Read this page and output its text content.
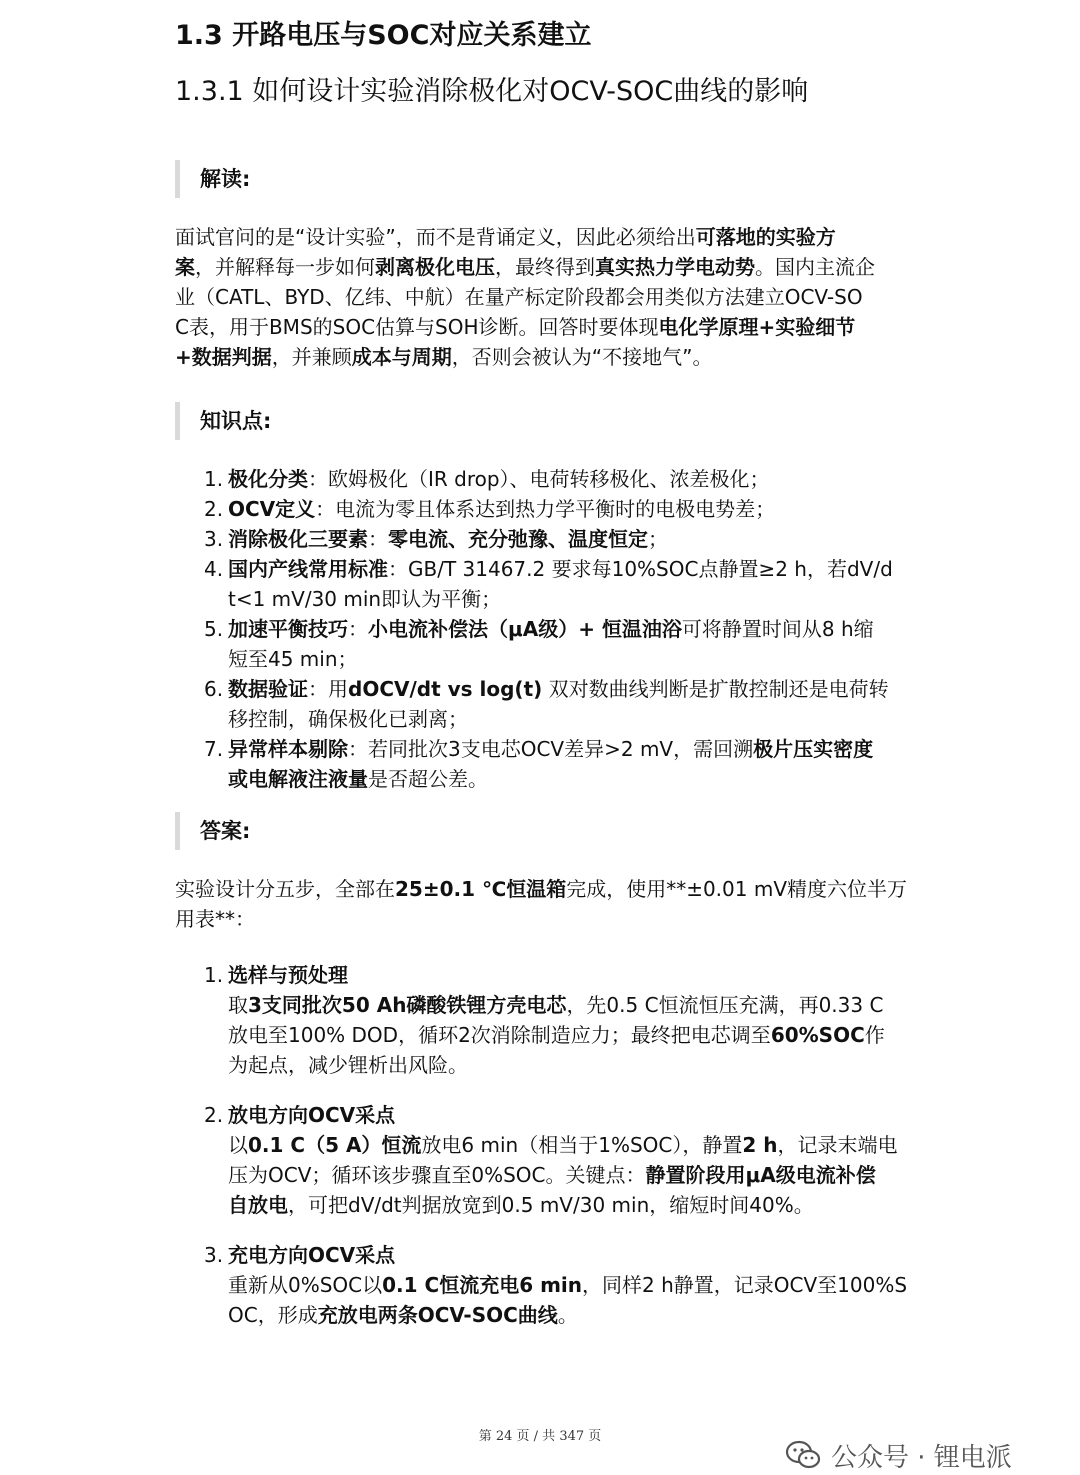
1.3 开路电压与SOC对应关系建立
1.3.1 如何设计实验消除极化对OCV-SOC曲线的影响
解读:
面试官问的是“设计实验”，而不是背诵定义，因此必须给出可落地的实验方
案，并解释每一步如何剥离极化电压，最终得到真实热力学电动势。国内主流企
业（CATL、BYD、亿纬、中航）在量产标定阶段都会用类似方法建立OCV-SO
C表，用于BMS的SOC估算与SOH诊断。回答时要体现电化学原理+实验细节
+数据判据，并兼顾成本与周期，否则会被认为“不接地气”。
知识点:
1. 极化分类：欧姆极化（IR drop）、电荷转移极化、浓差极化；
2. OCV定义：电流为零且体系达到热力学平衡时的电极电势差；
3. 消除极化三要素：零电流、充分弛豫、温度恒定；
4. 国内产线常用标准：GB/T 31467.2 要求每10%SOC点静置≥2 h，若dV/d
t<1 mV/30 min即认为平衡；
5. 加速平衡技巧：小电流补偿法（μA级）+ 恒温油浴可将静置时间从8 h缩
短至45 min；
6. 数据验证：用dOCV/dt vs log(t) 双对数曲线判断是扩散控制还是电荷转
移控制，确保极化已剥离；
7. 异常样本剔除：若同批次3支电芯OCV差异>2 mV，需回溯极片压实密度
或电解液注液量是否超公差。
答案:
实验设计分五步，全部在25±0.1 ℃恒温箱完成，使用**±0.01 mV精度六位半万
用表**：
1. 选样与预处理
取3支同批次50 Ah磷酸铁锂方壳电芯，先0.5 C恒流恒压充满，再0.33 C
放电至100% DOD，循环2次消除制造应力；最终把电芯调至60%SOC作
为起点，减少锂析出风险。
2. 放电方向OCV采点
以0.1 C（5 A）恒流放电6 min（相当于1%SOC），静置2 h，记录末端电
压为OCV；循环该步骤直至0%SOC。关键点：静置阶段用μA级电流补偿
自放电，可把dV/dt判据放宽到0.5 mV/30 min，缩短时间40%。
3. 充电方向OCV采点
重新从0%SOC以0.1 C恒流充电6 min，同样2 h静置，记录OCV至100%S
OC，形成充放电两条OCV-SOC曲线。
第 24 页 / 共 347 页
公众号 · 锂电派
